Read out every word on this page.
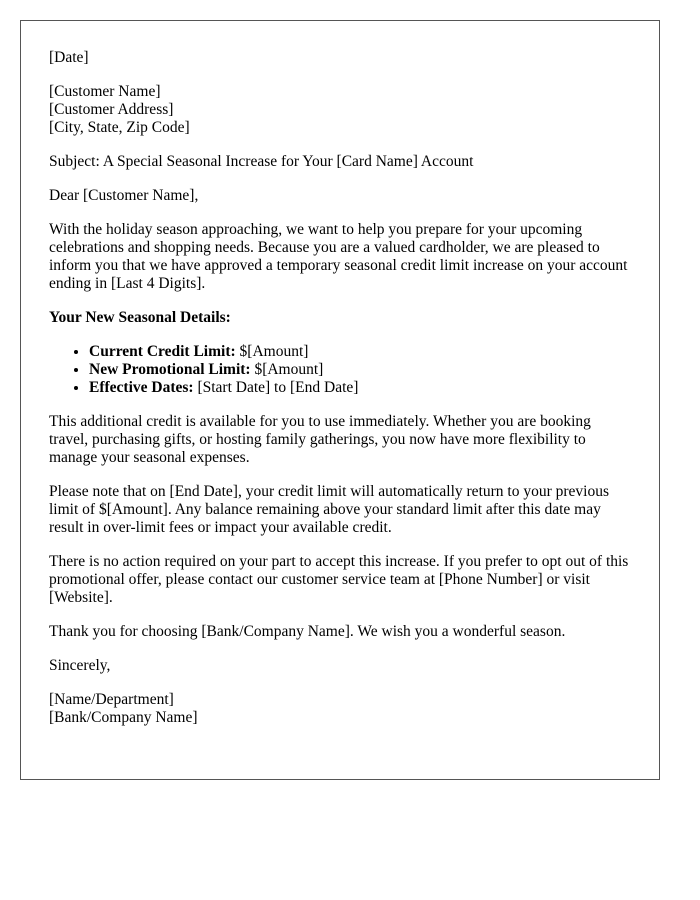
[Date]

[Customer Name]
[Customer Address]
[City, State, Zip Code]

Subject: A Special Seasonal Increase for Your [Card Name] Account

Dear [Customer Name],

With the holiday season approaching, we want to help you prepare for your upcoming celebrations and shopping needs. Because you are a valued cardholder, we are pleased to inform you that we have approved a temporary seasonal credit limit increase on your account ending in [Last 4 Digits].

Your New Seasonal Details:

• Current Credit Limit: $[Amount]
• New Promotional Limit: $[Amount]
• Effective Dates: [Start Date] to [End Date]

This additional credit is available for you to use immediately. Whether you are booking travel, purchasing gifts, or hosting family gatherings, you now have more flexibility to manage your seasonal expenses.

Please note that on [End Date], your credit limit will automatically return to your previous limit of $[Amount]. Any balance remaining above your standard limit after this date may result in over-limit fees or impact your available credit.

There is no action required on your part to accept this increase. If you prefer to opt out of this promotional offer, please contact our customer service team at [Phone Number] or visit [Website].

Thank you for choosing [Bank/Company Name]. We wish you a wonderful season.

Sincerely,

[Name/Department]
[Bank/Company Name]
